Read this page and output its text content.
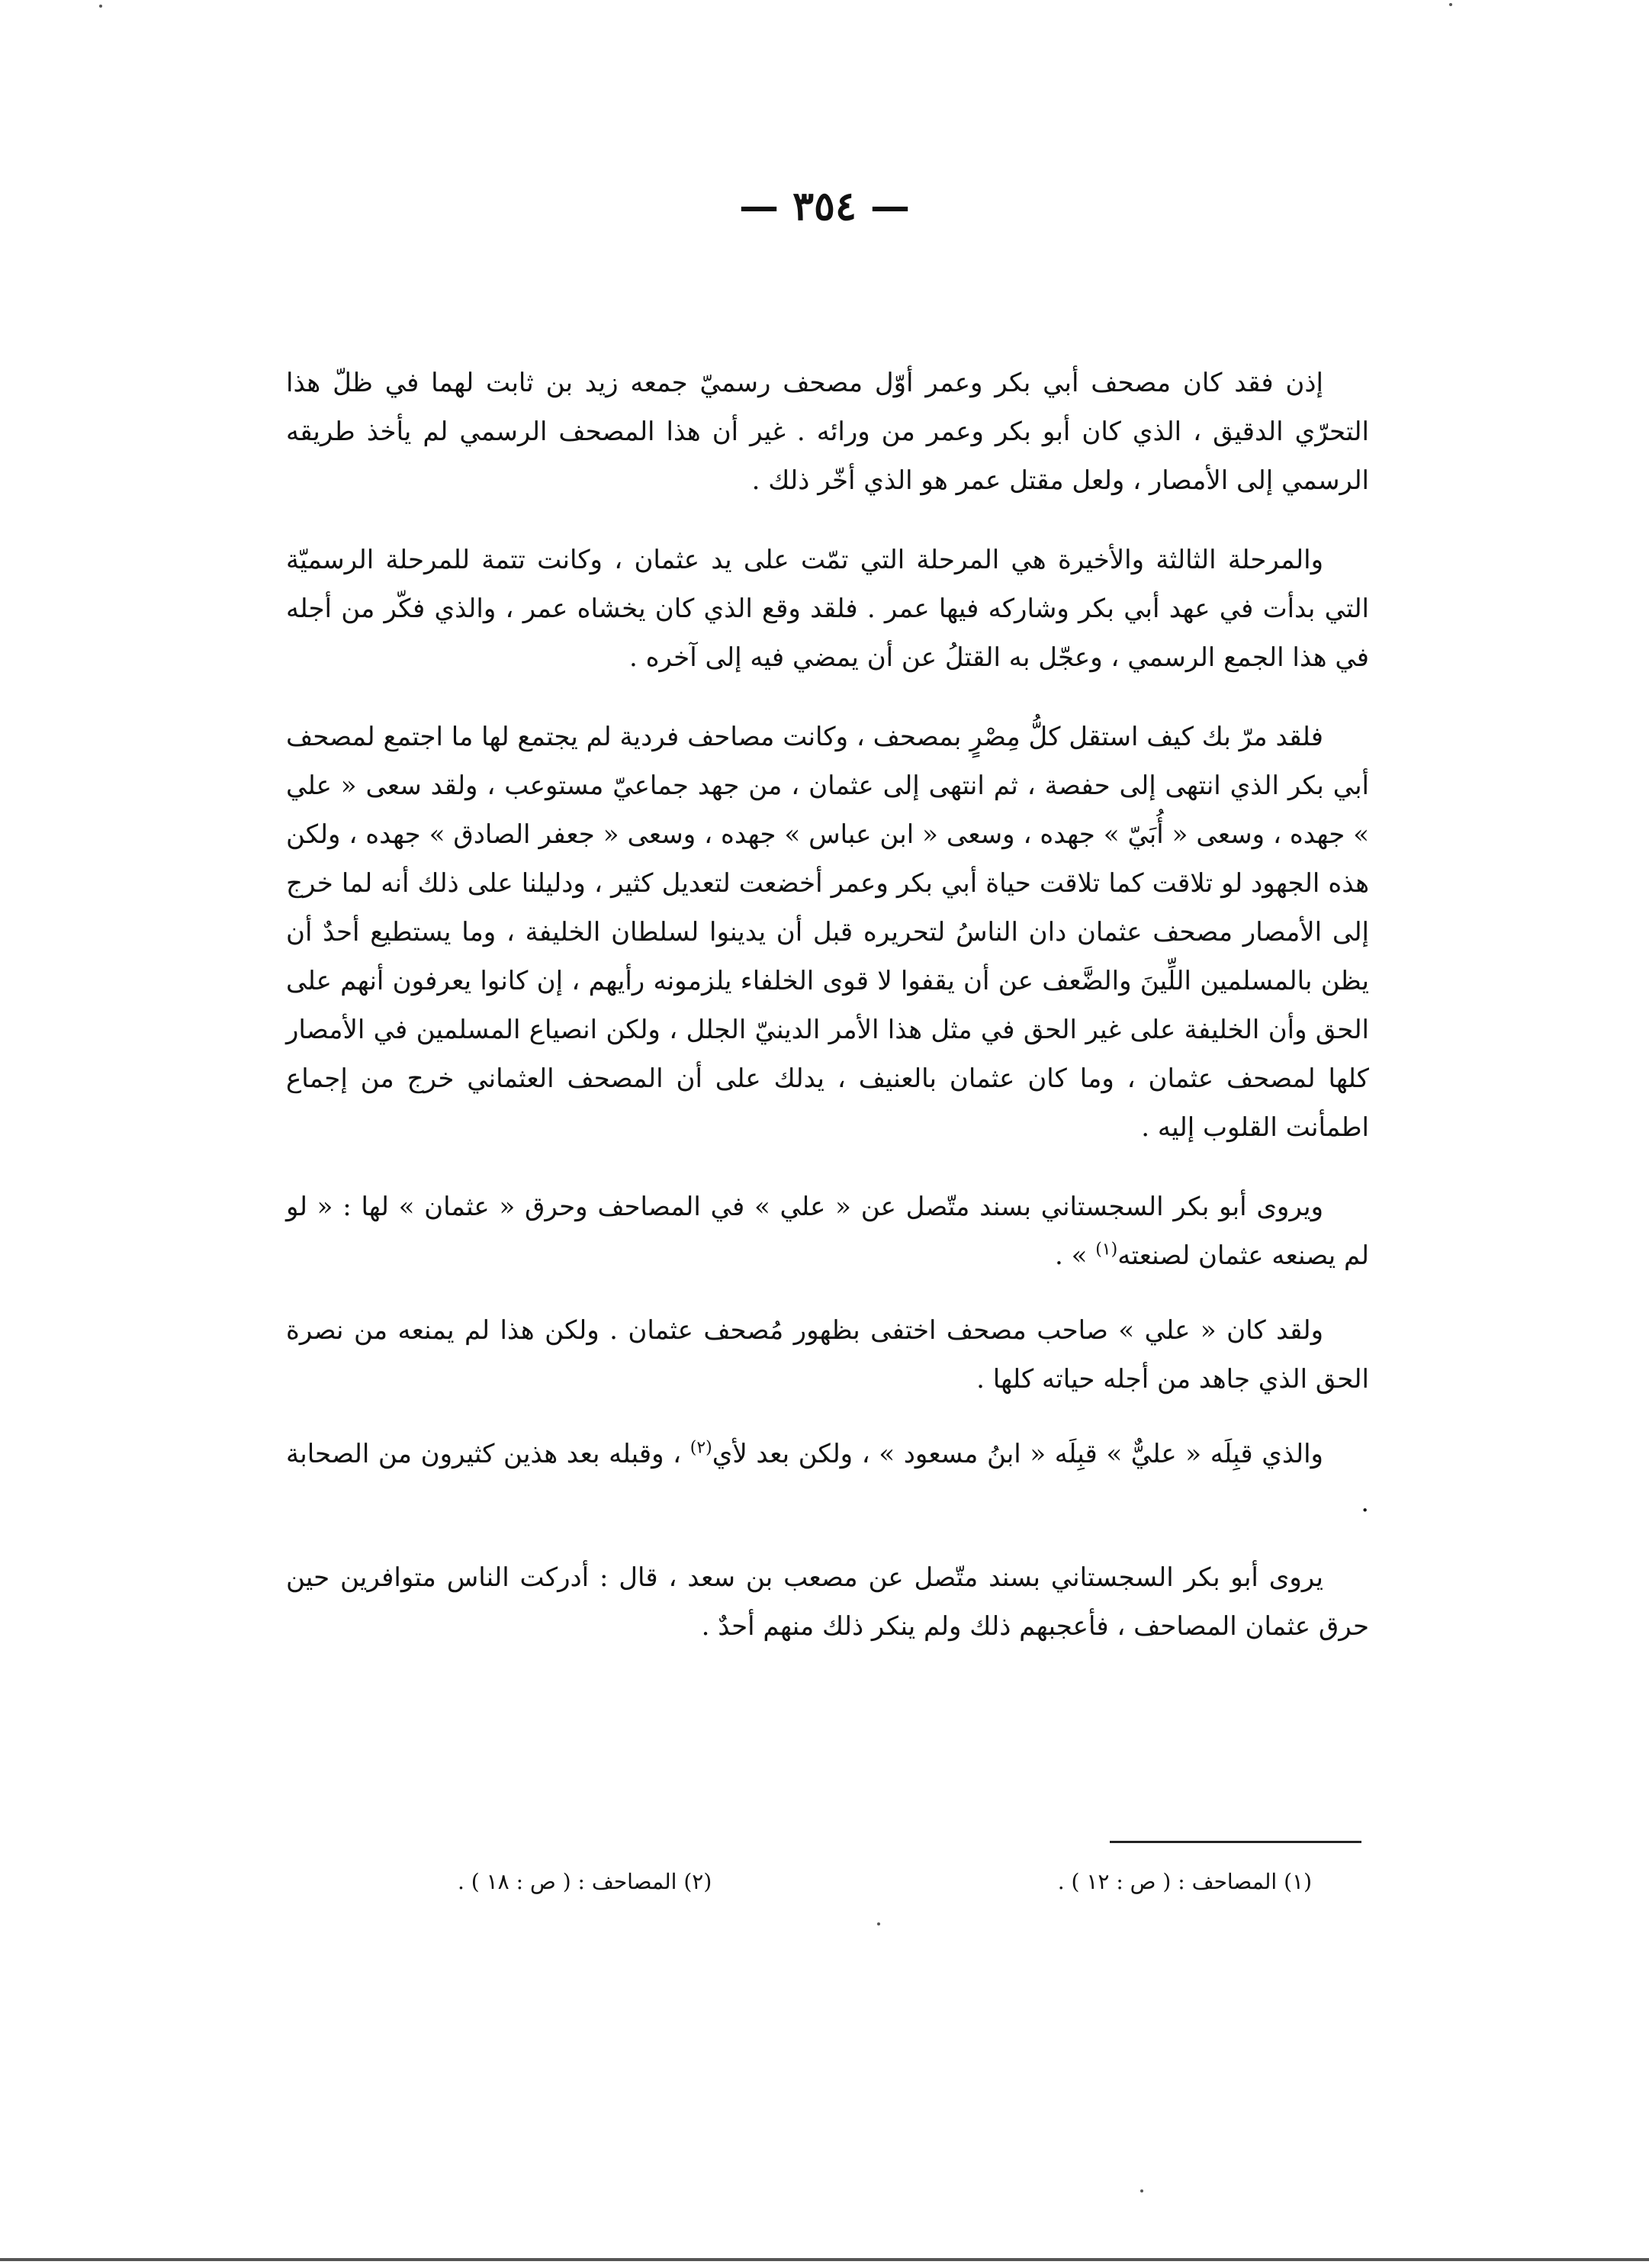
— ٣٥٤ —

إذن فقد كان مصحف أبي بكر وعمر أوّل مصحف رسميّ جمعه زيد بن ثابت لهما في ظلّ هذا التحرّي الدقيق ، الذي كان أبو بكر وعمر من ورائه . غير أن هذا المصحف الرسمي لم يأخذ طريقه الرسمي إلى الأمصار ، ولعل مقتل عمر هو الذي أخّر ذلك .

والمرحلة الثالثة والأخيرة هي المرحلة التي تمّت على يد عثمان ، وكانت تتمة للمرحلة الرسميّة التي بدأت في عهد أبي بكر وشاركه فيها عمر . فلقد وقع الذي كان يخشاه عمر ، والذي فكّر من أجله في هذا الجمع الرسمي ، وعجّل به القتلُ عن أن يمضي فيه إلى آخره .

فلقد مرّ بك كيف استقل كلُّ مِصْرٍ بمصحف ، وكانت مصاحف فردية لم يجتمع لها ما اجتمع لمصحف أبي بكر الذي انتهى إلى حفصة ، ثم انتهى إلى عثمان ، من جهد جماعيّ مستوعب ، ولقد سعى « علي » جهده ، وسعى « أُبَيّ » جهده ، وسعى « ابن عباس » جهده ، وسعى « جعفر الصادق » جهده ، ولكن هذه الجهود لو تلاقت كما تلاقت حياة أبي بكر وعمر أخضعت لتعديل كثير ، ودليلنا على ذلك أنه لما خرج إلى الأمصار مصحف عثمان دان الناسُ لتحريره قبل أن يدينوا لسلطان الخليفة ، وما يستطيع أحدٌ أن يظن بالمسلمين اللِّينَ والضَّعف عن أن يقفوا لا قوى الخلفاء يلزمونه رأيهم ، إن كانوا يعرفون أنهم على الحق وأن الخليفة على غير الحق في مثل هذا الأمر الدينيّ الجلل ، ولكن انصياع المسلمين في الأمصار كلها لمصحف عثمان ، وما كان عثمان بالعنيف ، يدلك على أن المصحف العثماني خرج من إجماع اطمأنت القلوب إليه .

ويروى أبو بكر السجستاني بسند متّصل عن « علي » في المصاحف وحرق « عثمان » لها : « لو لم يصنعه عثمان لصنعته$^{(١)}$ » .

ولقد كان « علي » صاحب مصحف اختفى بظهور مُصحف عثمان . ولكن هذا لم يمنعه من نصرة الحق الذي جاهد من أجله حياته كلها .

والذي قبِلَه « عليٌّ » قبِلَه « ابنُ مسعود » ، ولكن بعد لأي$^{(٢)}$ ، وقبله بعد هذين كثيرون من الصحابة .

يروى أبو بكر السجستاني بسند متّصل عن مصعب بن سعد ، قال : أدركت الناس متوافرين حين حرق عثمان المصاحف ، فأعجبهم ذلك ولم ينكر ذلك منهم أحدٌ .

(١) المصاحف : ( ص : ١٢ ) .
(٢) المصاحف : ( ص : ١٨ ) .
